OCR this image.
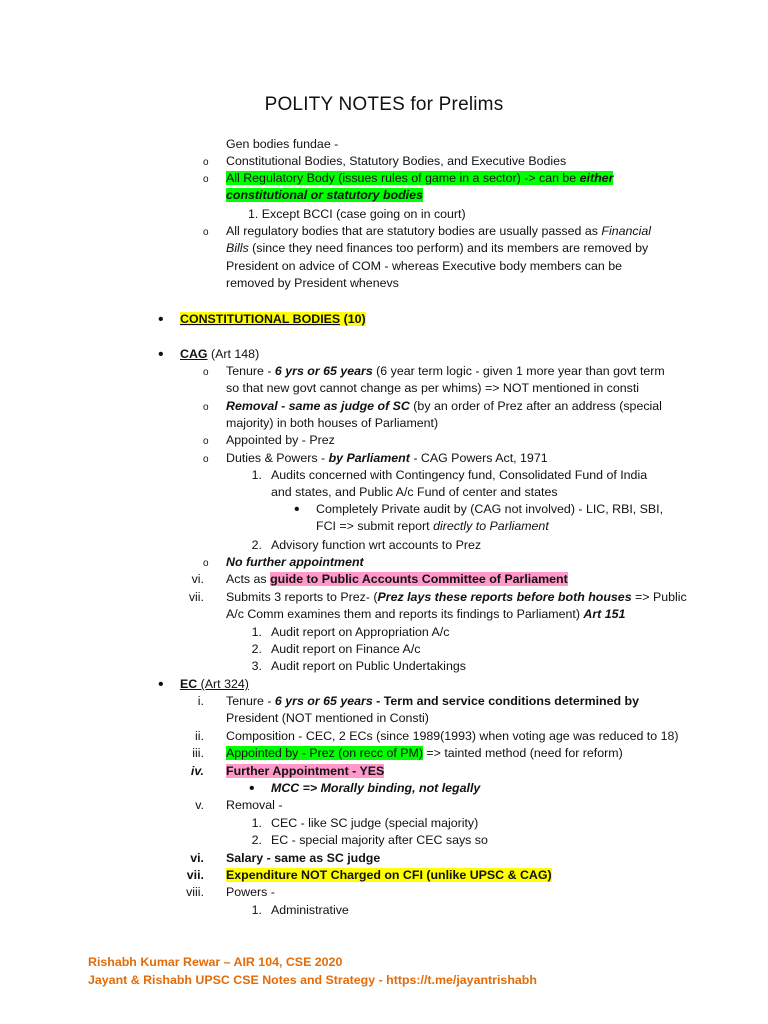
POLITY NOTES for Prelims
Gen bodies fundae -
o Constitutional Bodies, Statutory Bodies, and Executive Bodies
o All Regulatory Body (issues rules of game in a sector) -> can be either
constitutional or statutory bodies
1. Except BCCI (case going on in court)
o All regulatory bodies that are statutory bodies are usually passed as Financial
Bills (since they need finances too perform) and its members are removed by
President on advice of COM - whereas Executive body members can be
removed by President whenevs
• CONSTITUTIONAL BODIES (10)
• CAG (Art 148)
o Tenure - 6 yrs or 65 years (6 year term logic - given 1 more year than govt term
so that new govt cannot change as per whims) => NOT mentioned in consti
o Removal - same as judge of SC (by an order of Prez after an address (special
majority) in both houses of Parliament)
o Appointed by - Prez
o Duties & Powers - by Parliament - CAG Powers Act, 1971
1. Audits concerned with Contingency fund, Consolidated Fund of India
and states, and Public A/c Fund of center and states
• Completely Private audit by (CAG not involved) - LIC, RBI, SBI,
FCI => submit report directly to Parliament
2. Advisory function wrt accounts to Prez
o No further appointment
vi. Acts as guide to Public Accounts Committee of Parliament
vii. Submits 3 reports to Prez- (Prez lays these reports before both houses => Public
A/c Comm examines them and reports its findings to Parliament) Art 151
1. Audit report on Appropriation A/c
2. Audit report on Finance A/c
3. Audit report on Public Undertakings
• EC (Art 324)
i. Tenure - 6 yrs or 65 years - Term and service conditions determined by
President (NOT mentioned in Consti)
ii. Composition - CEC, 2 ECs (since 1989(1993) when voting age was reduced to 18)
iii. Appointed by - Prez (on recc of PM) => tainted method (need for reform)
iv. Further Appointment - YES
• MCC => Morally binding, not legally
v. Removal -
1. CEC - like SC judge (special majority)
2. EC - special majority after CEC says so
vi. Salary - same as SC judge
vii. Expenditure NOT Charged on CFI (unlike UPSC & CAG)
viii. Powers -
1. Administrative
Rishabh Kumar Rewar – AIR 104, CSE 2020
Jayant & Rishabh UPSC CSE Notes and Strategy - https://t.me/jayantrishabh
